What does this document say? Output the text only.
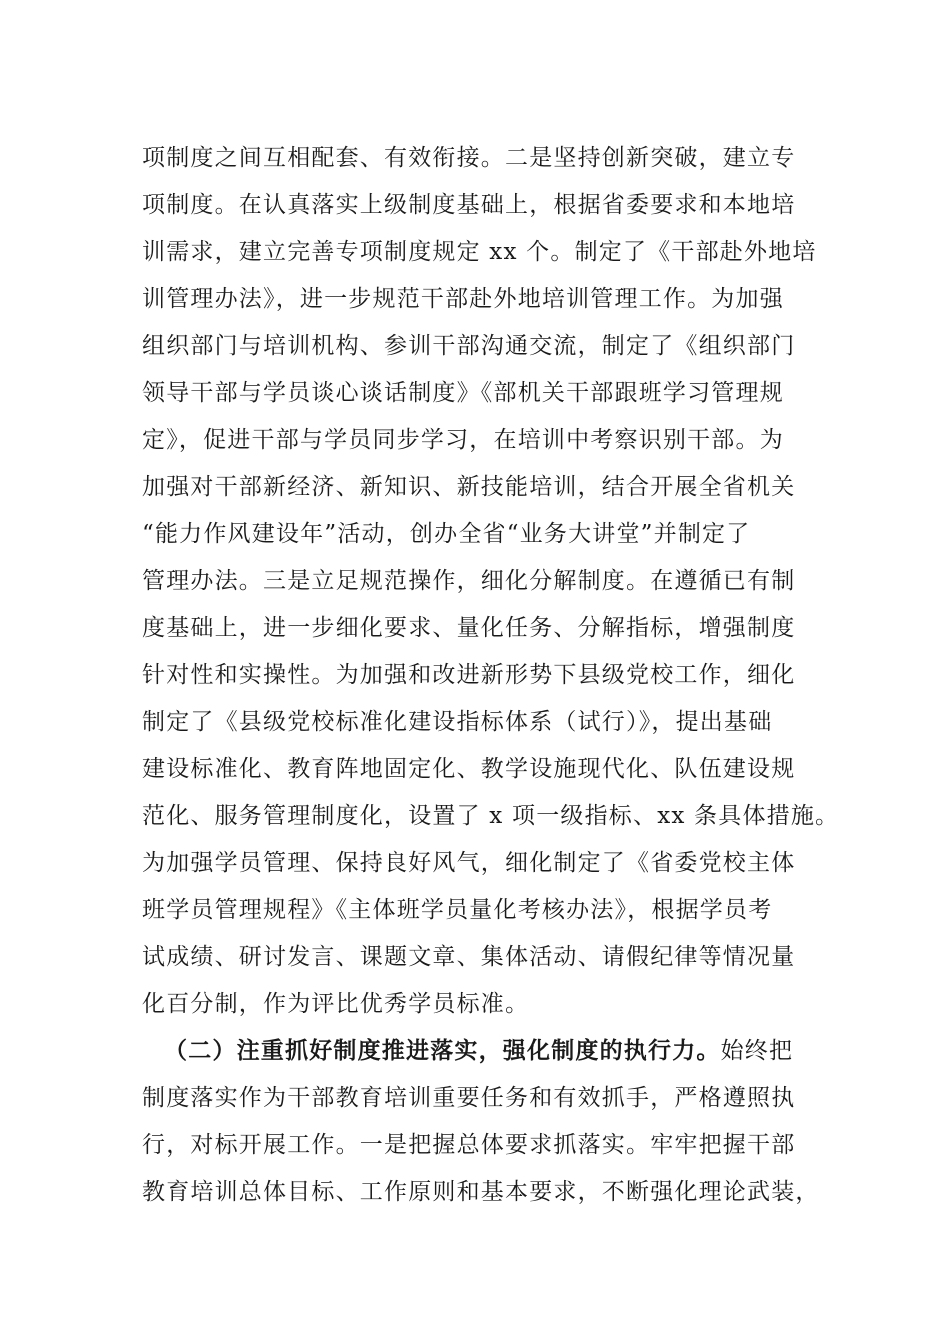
项制度之间互相配套、有效衔接。二是坚持创新突破，建立专
项制度。在认真落实上级制度基础上，根据省委要求和本地培
训需求，建立完善专项制度规定 xx 个。制定了《干部赴外地培
训管理办法》，进一步规范干部赴外地培训管理工作。为加强
组织部门与培训机构、参训干部沟通交流，制定了《组织部门
领导干部与学员谈心谈话制度》《部机关干部跟班学习管理规
定》，促进干部与学员同步学习，在培训中考察识别干部。为
加强对干部新经济、新知识、新技能培训，结合开展全省机关
“能力作风建设年”活动，创办全省“业务大讲堂”并制定了
管理办法。三是立足规范操作，细化分解制度。在遵循已有制
度基础上，进一步细化要求、量化任务、分解指标，增强制度
针对性和实操性。为加强和改进新形势下县级党校工作，细化
制定了《县级党校标准化建设指标体系（试行）》，提出基础
建设标准化、教育阵地固定化、教学设施现代化、队伍建设规
范化、服务管理制度化，设置了 x 项一级指标、xx 条具体措施。
为加强学员管理、保持良好风气，细化制定了《省委党校主体
班学员管理规程》《主体班学员量化考核办法》，根据学员考
试成绩、研讨发言、课题文章、集体活动、请假纪律等情况量
化百分制，作为评比优秀学员标准。
（二）注重抓好制度推进落实，强化制度的执行力。始终把
制度落实作为干部教育培训重要任务和有效抓手，严格遵照执
行，对标开展工作。一是把握总体要求抓落实。牢牢把握干部
教育培训总体目标、工作原则和基本要求，不断强化理论武装，
